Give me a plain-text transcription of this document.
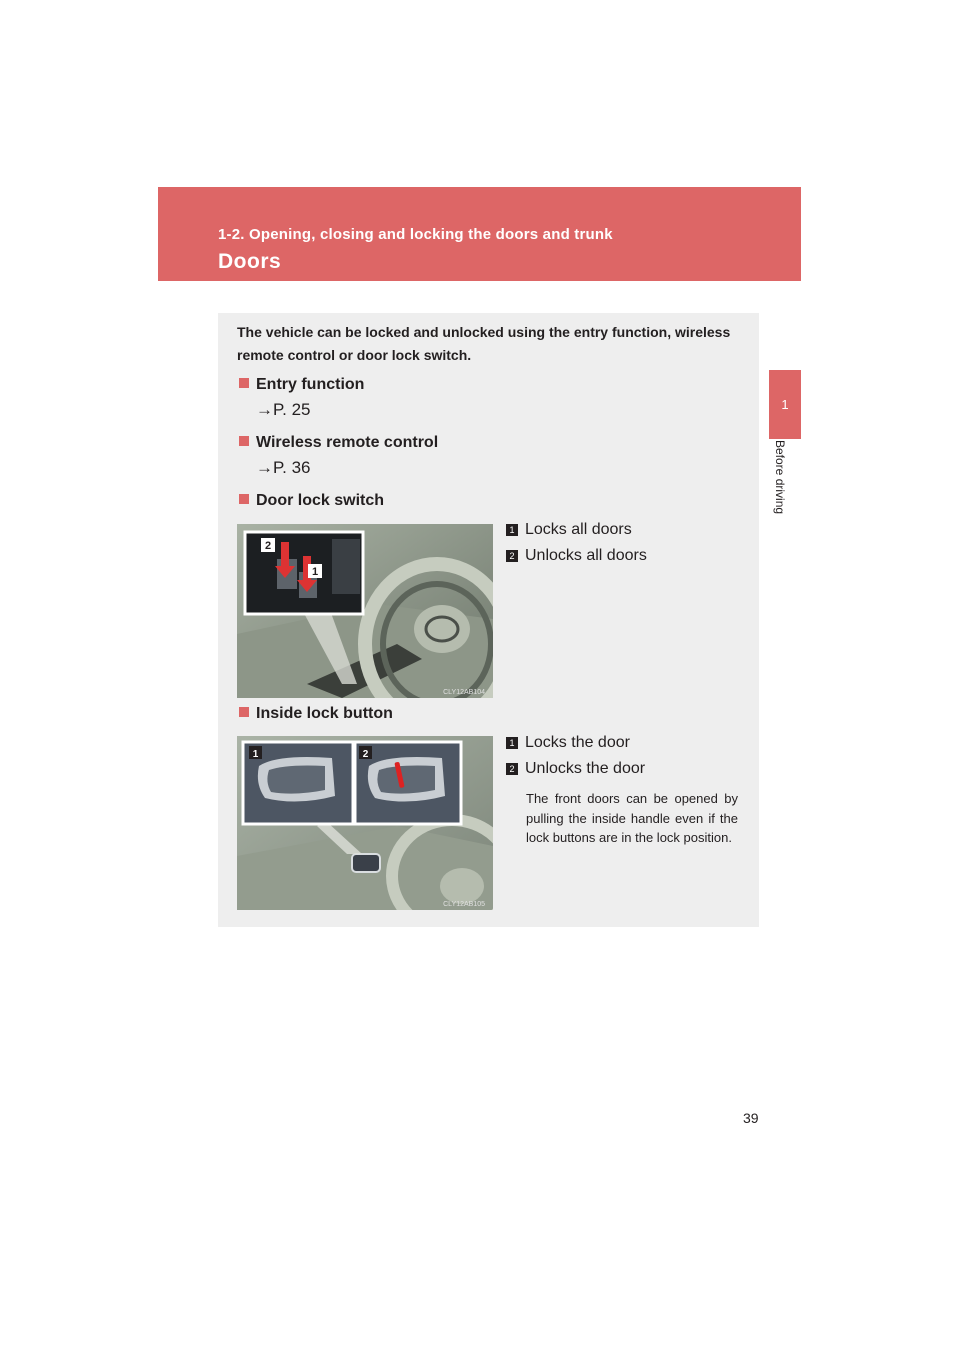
1-2. Opening, closing and locking the doors and trunk
Doors
1
Before driving
The vehicle can be locked and unlocked using the entry function, wireless remote control or door lock switch.
Entry function
→P. 25
Wireless remote control
→P. 36
Door lock switch
2
1
CLY12AB104
1 Locks all doors
2 Unlocks all doors
Inside lock button
1	2
CLY12AB105
1 Locks the door
2 Unlocks the door
The front doors can be opened by pulling the inside handle even if the lock buttons are in the lock position.
39
